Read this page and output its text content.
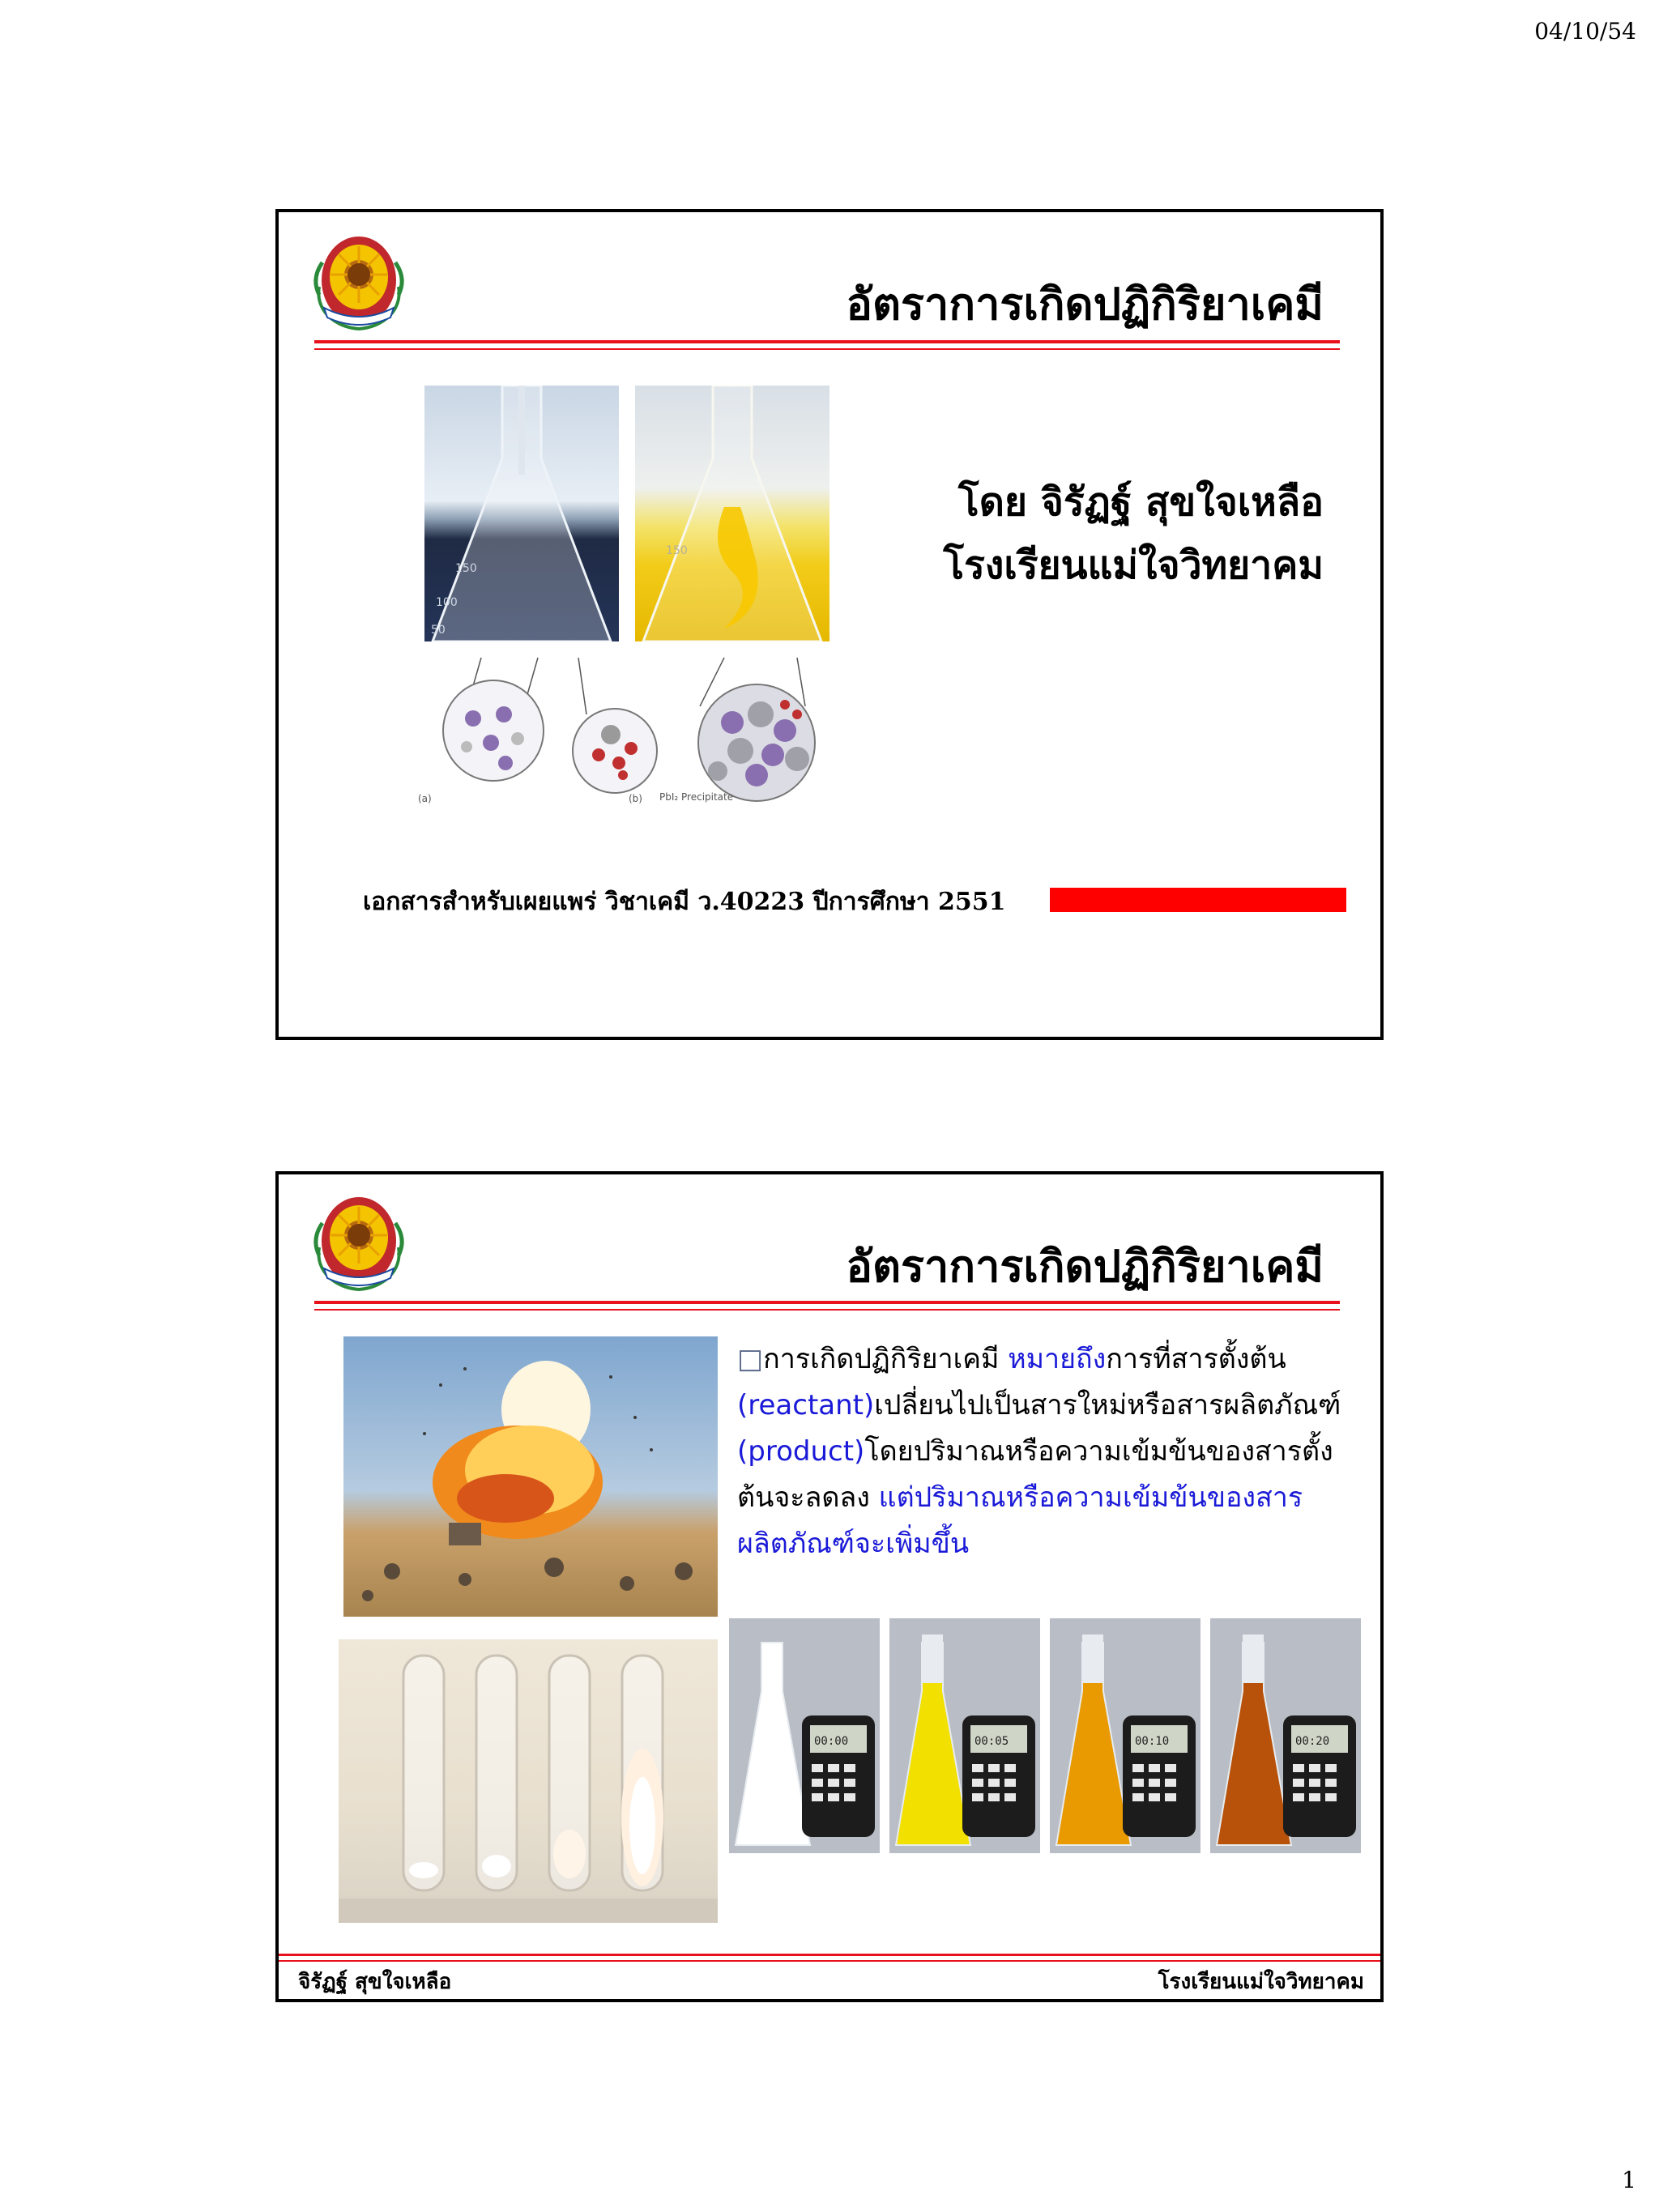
04/10/54
1
อัตราการเกิดปฏิกิริยาเคมี
150
100
50
150
(a)	(b) PbI₂ Precipitate
โดย จิรัฏฐ์ สุขใจเหลือ
โรงเรียนแม่ใจวิทยาคม
เอกสารสำหรับเผยแพร่ วิชาเคมี ว.40223 ปีการศึกษา 2551
อัตราการเกิดปฏิกิริยาเคมี
□การเกิดปฏิกิริยาเคมี หมายถึงการที่สารตั้งต้น
(reactant)เปลี่ยนไปเป็นสารใหม่หรือสารผลิตภัณฑ์
(product)โดยปริมาณหรือความเข้มข้นของสารตั้ง
ต้นจะลดลง แต่ปริมาณหรือความเข้มข้นของสาร
ผลิตภัณฑ์จะเพิ่มขึ้น
00:00	00:05	00:10	00:20
จิรัฏฐ์ สุขใจเหลือ	โรงเรียนแม่ใจวิทยาคม
